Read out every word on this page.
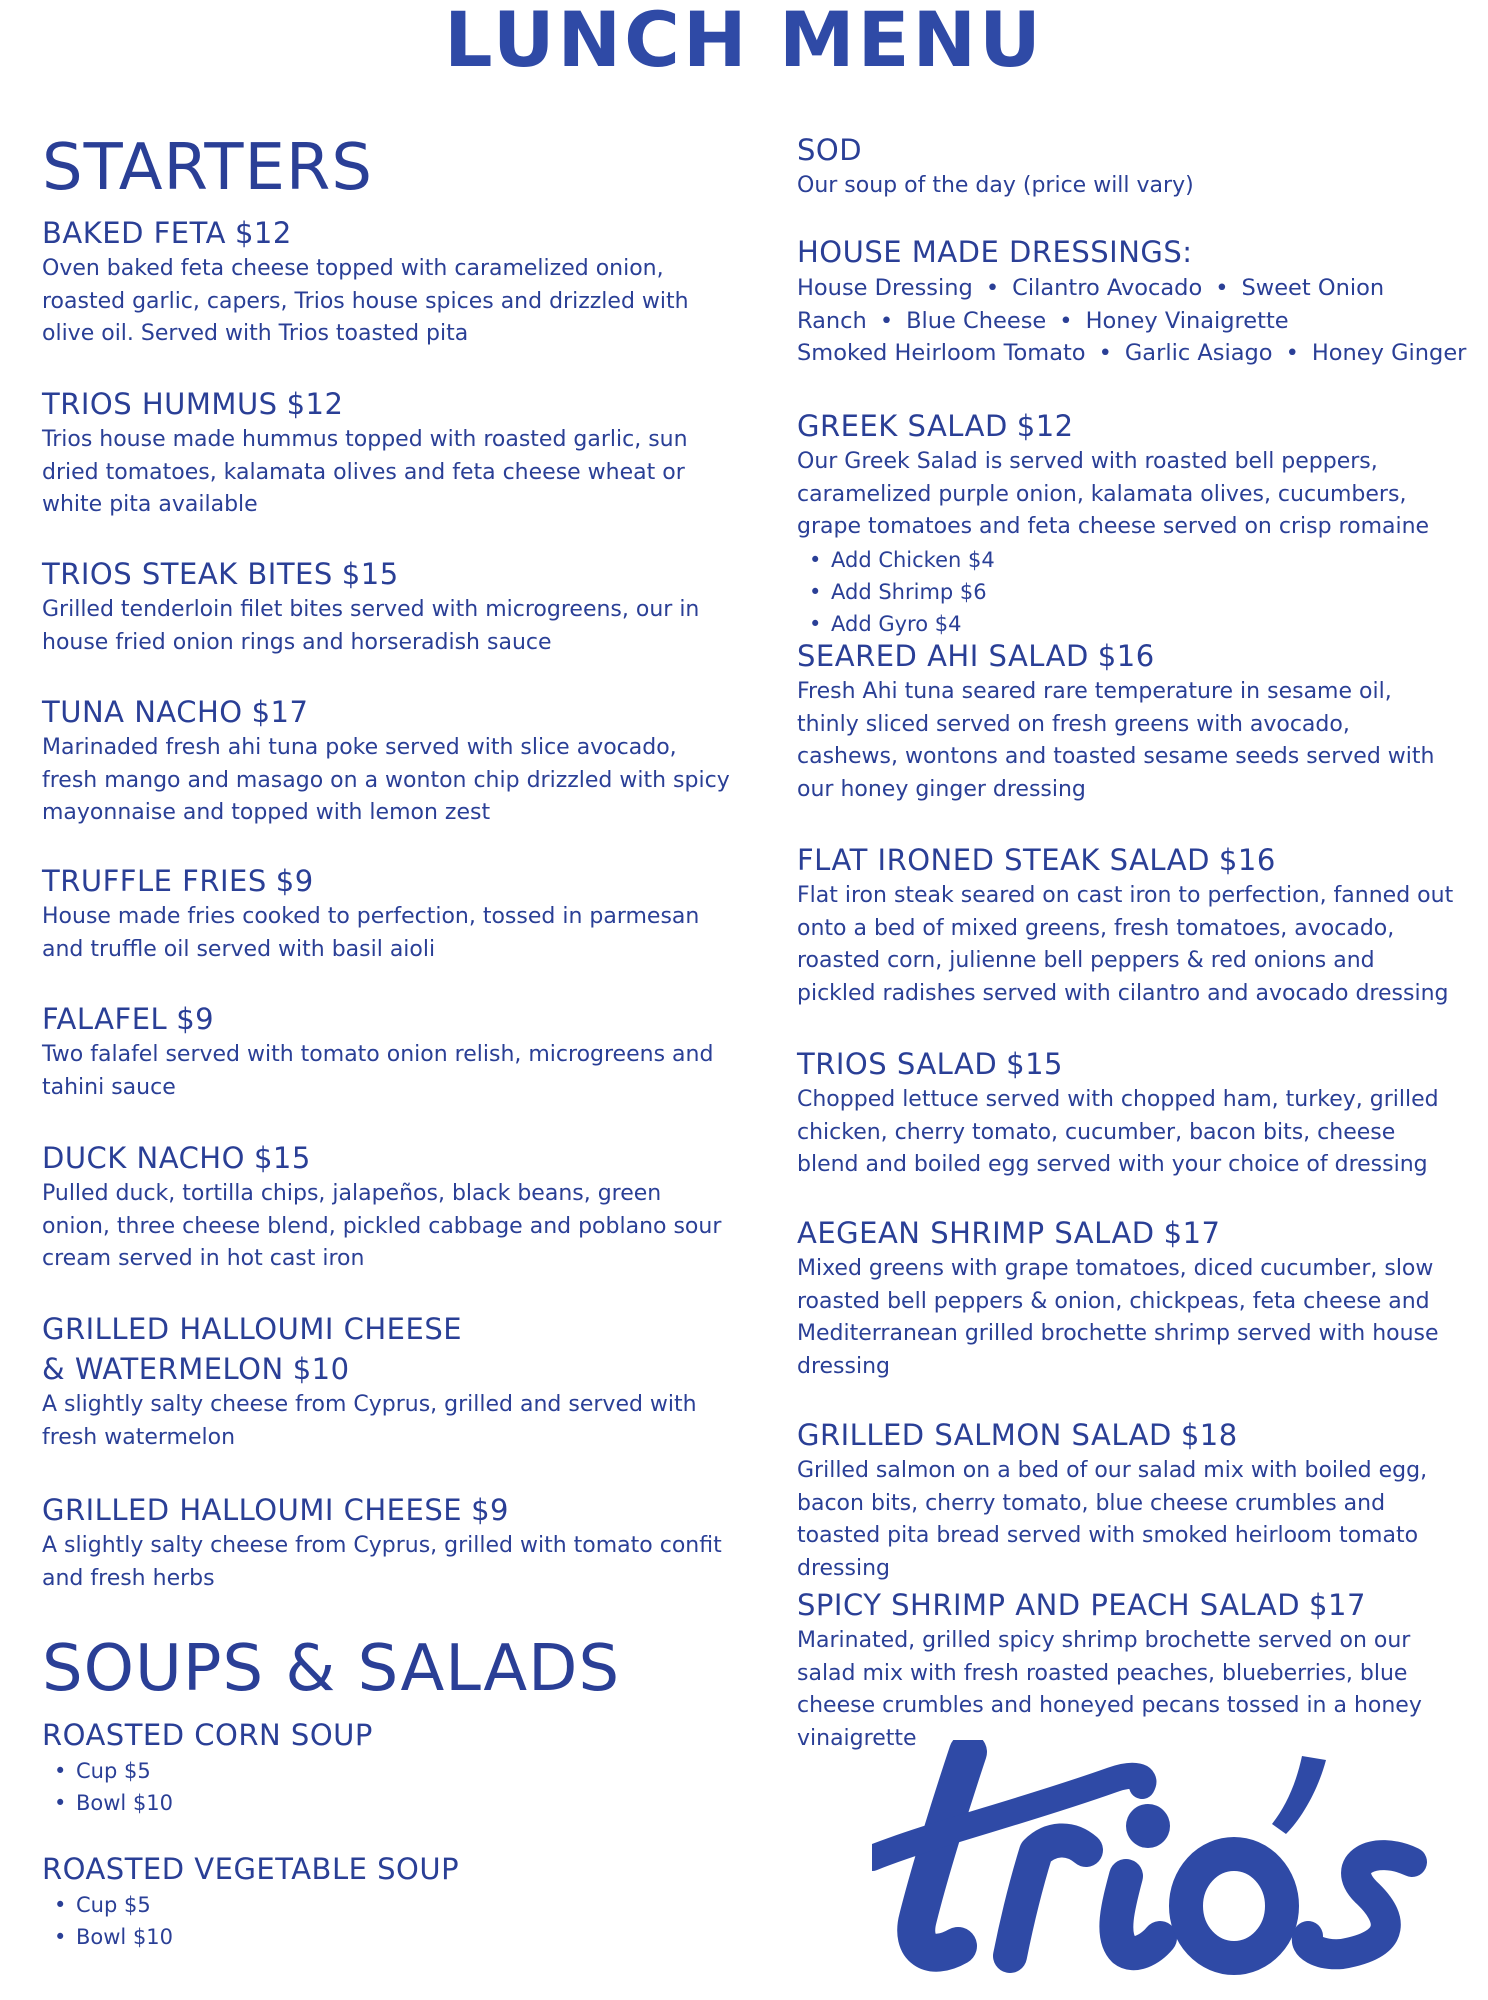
LUNCH MENU
STARTERS
BAKED FETA $12
Oven baked feta cheese topped with caramelized onion, roasted garlic, capers, Trios house spices and drizzled with olive oil. Served with Trios toasted pita
TRIOS HUMMUS $12
Trios house made hummus topped with roasted garlic, sun dried tomatoes, kalamata olives and feta cheese wheat or white pita available
TRIOS STEAK BITES $15
Grilled tenderloin filet bites served with microgreens, our in house fried onion rings and horseradish sauce
TUNA NACHO $17
Marinaded fresh ahi tuna poke served with slice avocado, fresh mango and masago on a wonton chip drizzled with spicy mayonnaise and topped with lemon zest
TRUFFLE FRIES $9
House made fries cooked to perfection, tossed in parmesan and truffle oil served with basil aioli
FALAFEL $9
Two falafel served with tomato onion relish, microgreens and tahini sauce
DUCK NACHO $15
Pulled duck, tortilla chips, jalapeños, black beans, green onion, three cheese blend, pickled cabbage and poblano sour cream served in hot cast iron
GRILLED HALLOUMI CHEESE
& WATERMELON $10
A slightly salty cheese from Cyprus, grilled and served with fresh watermelon
GRILLED HALLOUMI CHEESE $9
A slightly salty cheese from Cyprus, grilled with tomato confit and fresh herbs
SOUPS & SALADS
ROASTED CORN SOUP
• Cup $5
• Bowl $10
ROASTED VEGETABLE SOUP
• Cup $5
• Bowl $10
SOD
Our soup of the day (price will vary)
HOUSE MADE DRESSINGS:
House Dressing • Cilantro Avocado • Sweet Onion
Ranch • Blue Cheese • Honey Vinaigrette
Smoked Heirloom Tomato • Garlic Asiago • Honey Ginger
GREEK SALAD $12
Our Greek Salad is served with roasted bell peppers, caramelized purple onion, kalamata olives, cucumbers, grape tomatoes and feta cheese served on crisp romaine
• Add Chicken $4
• Add Shrimp $6
• Add Gyro $4
SEARED AHI SALAD $16
Fresh Ahi tuna seared rare temperature in sesame oil, thinly sliced served on fresh greens with avocado, cashews, wontons and toasted sesame seeds served with our honey ginger dressing
FLAT IRONED STEAK SALAD $16
Flat iron steak seared on cast iron to perfection, fanned out onto a bed of mixed greens, fresh tomatoes, avocado, roasted corn, julienne bell peppers & red onions and pickled radishes served with cilantro and avocado dressing
TRIOS SALAD $15
Chopped lettuce served with chopped ham, turkey, grilled chicken, cherry tomato, cucumber, bacon bits, cheese blend and boiled egg served with your choice of dressing
AEGEAN SHRIMP SALAD $17
Mixed greens with grape tomatoes, diced cucumber, slow roasted bell peppers & onion, chickpeas, feta cheese and Mediterranean grilled brochette shrimp served with house dressing
GRILLED SALMON SALAD $18
Grilled salmon on a bed of our salad mix with boiled egg, bacon bits, cherry tomato, blue cheese crumbles and toasted pita bread served with smoked heirloom tomato dressing
SPICY SHRIMP AND PEACH SALAD $17
Marinated, grilled spicy shrimp brochette served on our salad mix with fresh roasted peaches, blueberries, blue cheese crumbles and honeyed pecans tossed in a honey vinaigrette
